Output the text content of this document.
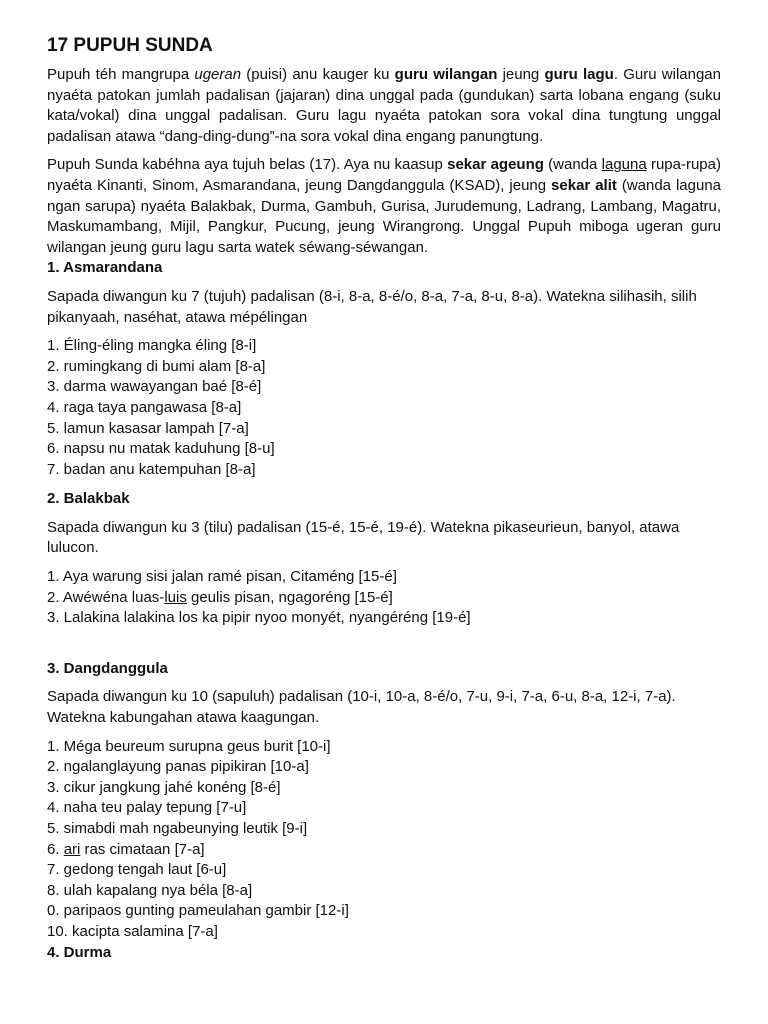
17 PUPUH SUNDA

Pupuh téh mangrupa ugeran (puisi) anu kauger ku guru wilangan jeung guru lagu. Guru wilangan nyaéta patokan jumlah padalisan (jajaran) dina unggal pada (gundukan) sarta lobana engang (suku kata/vokal) dina unggal padalisan. Guru lagu nyaéta patokan sora vokal dina tungtung unggal padalisan atawa “dang-ding-dung”-na sora vokal dina engang panungtung.

Pupuh Sunda kabéhna aya tujuh belas (17). Aya nu kaasup sekar ageung (wanda laguna rupa-rupa) nyaéta Kinanti, Sinom, Asmarandana, jeung Dangdanggula (KSAD), jeung sekar alit (wanda laguna ngan sarupa) nyaéta Balakbak, Durma, Gambuh, Gurisa, Jurudemung, Ladrang, Lambang, Magatru, Maskumambang, Mijil, Pangkur, Pucung, jeung Wirangrong. Unggal Pupuh miboga ugeran guru wilangan jeung guru lagu sarta watek séwang-séwangan.

1. Asmarandana

Sapada diwangun ku 7 (tujuh) padalisan (8-i, 8-a, 8-é/o, 8-a, 7-a, 8-u, 8-a). Watekna silihasih, silih pikanyaah, naséhat, atawa mépélingan

1. Éling-éling mangka éling [8-i]
2. rumingkang di bumi alam [8-a]
3. darma wawayangan baé [8-é]
4. raga taya pangawasa [8-a]
5. lamun kasasar lampah [7-a]
6. napsu nu matak kaduhung [8-u]
7. badan anu katempuhan [8-a]
2. Balakbak

Sapada diwangun ku 3 (tilu) padalisan (15-é, 15-é, 19-é). Watekna pikaseurieun, banyol, atawa lulucon.

1. Aya warung sisi jalan ramé pisan, Citaméng [15-é]
2. Awéwéna luas-luis geulis pisan, ngagoréng [15-é]
3. Lalakina lalakina los ka pipir nyoo monyét, nyangéréng [19-é]
3. Dangdanggula

Sapada diwangun ku 10 (sapuluh) padalisan (10-i, 10-a, 8-é/o, 7-u, 9-i, 7-a, 6-u, 8-a, 12-i, 7-a). Watekna kabungahan atawa kaagungan.

1. Méga beureum surupna geus burit [10-i]
2. ngalanglayung panas pipikiran [10-a]
3. cikur jangkung jahé konéng [8-é]
4. naha teu palay tepung [7-u]
5. simabdi mah ngabeunying leutik [9-i]
6. ari ras cimataan [7-a]
7. gedong tengah laut [6-u]
8. ulah kapalang nya béla [8-a]
0. paripaos gunting pameulahan gambir [12-i]
10. kacipta salamina [7-a]
4. Durma
